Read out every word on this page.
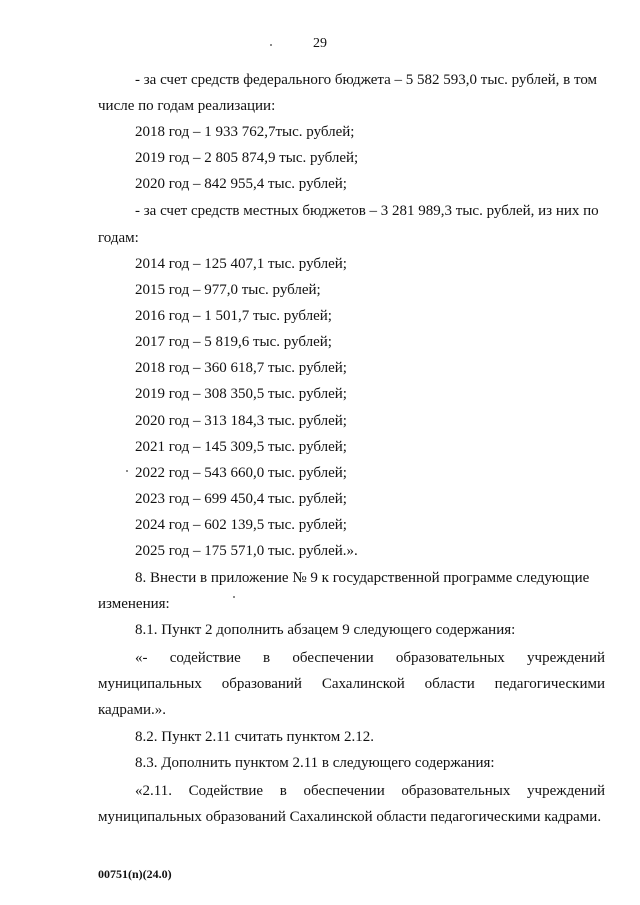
29
- за счет средств федерального бюджета – 5 582 593,0 тыс. рублей, в том
числе по годам реализации:
2018 год – 1 933 762,7тыс. рублей;
2019 год – 2 805 874,9 тыс. рублей;
2020 год – 842 955,4 тыс. рублей;
- за счет средств местных бюджетов – 3 281 989,3 тыс. рублей, из них по
годам:
2014 год – 125 407,1 тыс. рублей;
2015 год – 977,0 тыс. рублей;
2016 год – 1 501,7 тыс. рублей;
2017 год – 5 819,6 тыс. рублей;
2018 год – 360 618,7 тыс. рублей;
2019 год – 308 350,5 тыс. рублей;
2020 год – 313 184,3 тыс. рублей;
2021 год – 145 309,5 тыс. рублей;
2022 год – 543 660,0 тыс. рублей;
2023 год – 699 450,4 тыс. рублей;
2024 год – 602 139,5 тыс. рублей;
2025 год – 175 571,0 тыс. рублей.».
8. Внести в приложение № 9 к государственной программе следующие
изменения:
8.1. Пункт 2 дополнить абзацем 9 следующего содержания:
«- содействие в обеспечении образовательных учреждений
муниципальных образований Сахалинской области педагогическими
кадрами.».
8.2. Пункт 2.11 считать пунктом 2.12.
8.3. Дополнить пунктом 2.11 в следующего содержания:
«2.11. Содействие в обеспечении образовательных учреждений
муниципальных образований Сахалинской области педагогическими кадрами.
00751(n)(24.0)
